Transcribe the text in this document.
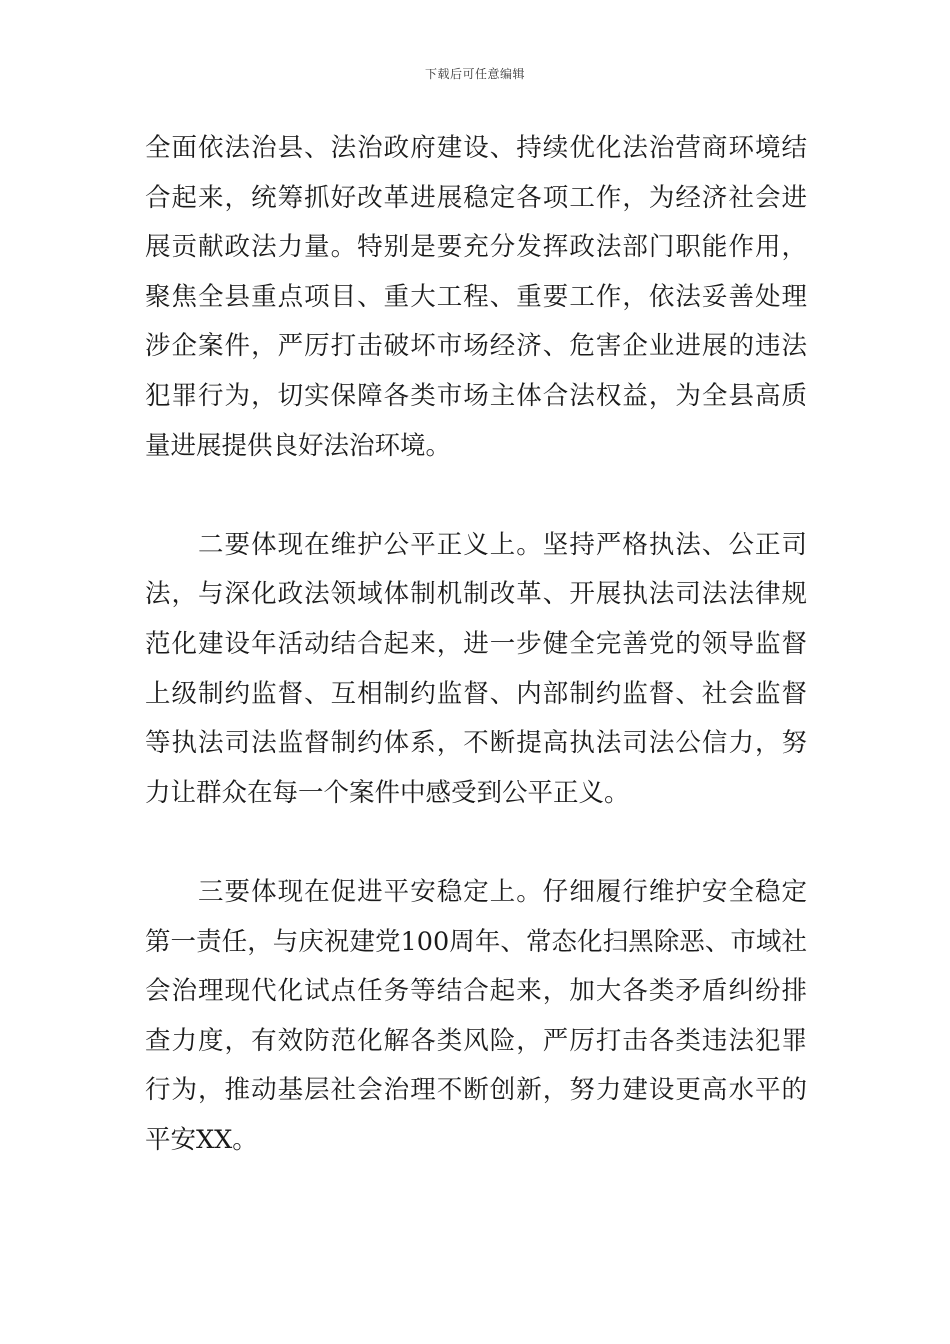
下载后可任意编辑

全面依法治县、法治政府建设、持续优化法治营商环境结合起来，统筹抓好改革进展稳定各项工作，为经济社会进展贡献政法力量。特别是要充分发挥政法部门职能作用，聚焦全县重点项目、重大工程、重要工作，依法妥善处理涉企案件，严厉打击破坏市场经济、危害企业进展的违法犯罪行为，切实保障各类市场主体合法权益，为全县高质量进展提供良好法治环境。

　　二要体现在维护公平正义上。坚持严格执法、公正司法，与深化政法领域体制机制改革、开展执法司法法律规范化建设年活动结合起来，进一步健全完善党的领导监督上级制约监督、互相制约监督、内部制约监督、社会监督等执法司法监督制约体系，不断提高执法司法公信力，努力让群众在每一个案件中感受到公平正义。

　　三要体现在促进平安稳定上。仔细履行维护安全稳定第一责任，与庆祝建党100周年、常态化扫黑除恶、市域社会治理现代化试点任务等结合起来，加大各类矛盾纠纷排查力度，有效防范化解各类风险，严厉打击各类违法犯罪行为，推动基层社会治理不断创新，努力建设更高水平的平安XX。
